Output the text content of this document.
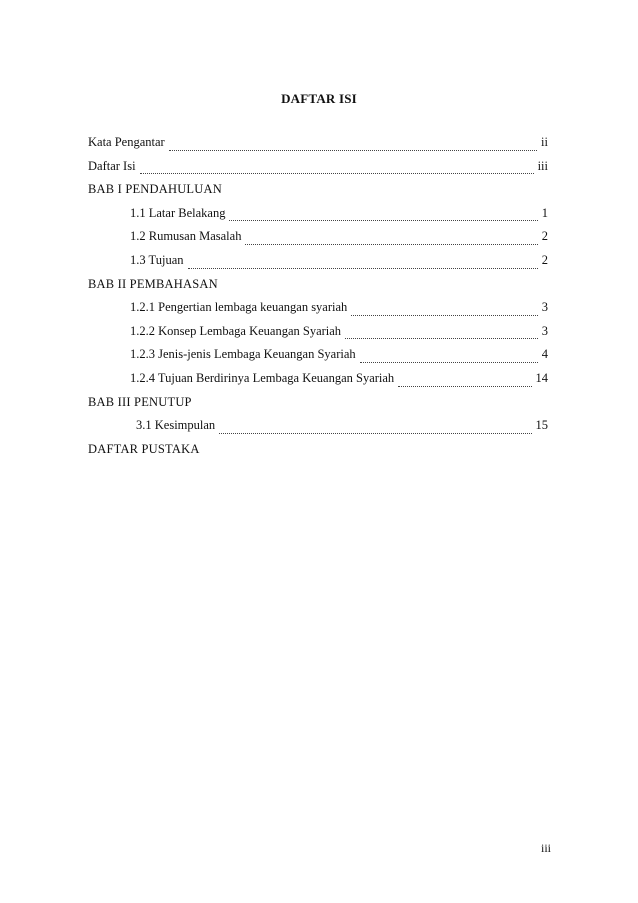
DAFTAR ISI
Kata Pengantar	ii
Daftar Isi	iii
BAB I PENDAHULUAN
1.1 Latar Belakang	1
1.2 Rumusan Masalah	2
1.3 Tujuan	2
BAB II PEMBAHASAN
1.2.1 Pengertian lembaga keuangan syariah	3
1.2.2 Konsep Lembaga Keuangan Syariah	3
1.2.3 Jenis-jenis Lembaga Keuangan Syariah	4
1.2.4 Tujuan Berdirinya Lembaga Keuangan Syariah	14
BAB III PENUTUP
3.1 Kesimpulan	15
DAFTAR PUSTAKA
iii
